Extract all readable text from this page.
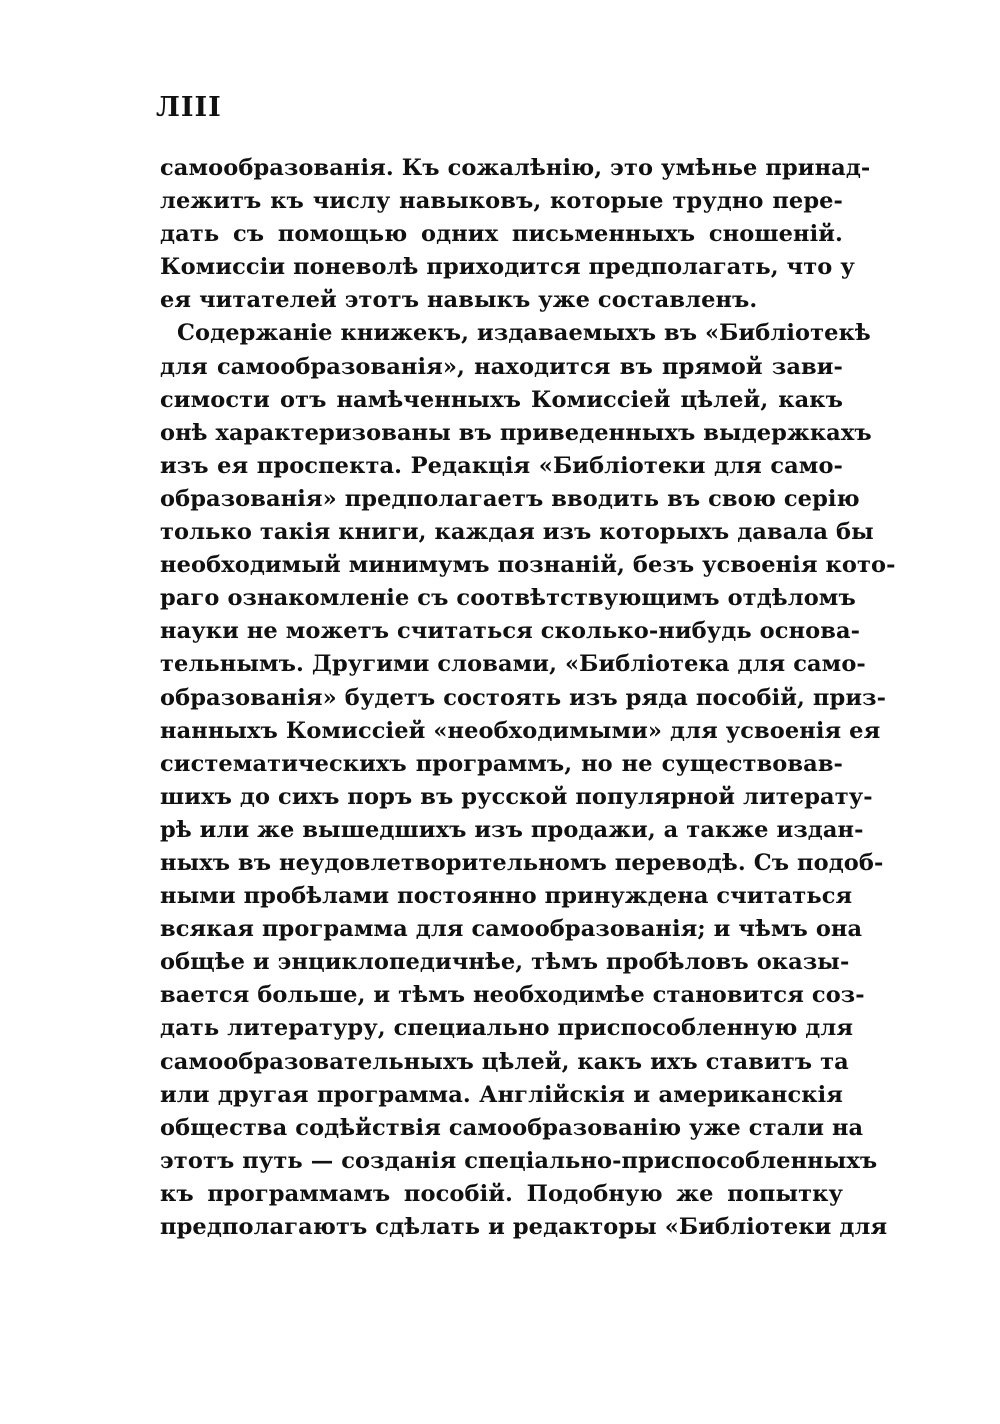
ЛIII
самообразованія. Къ сожалѣнію, это умѣнье принад-
лежитъ къ числу навыковъ, которые трудно пере-
дать съ помощью одних письменныхъ сношеній.
Комиссіи поневолѣ приходится предполагать, что у
ея читателей этотъ навыкъ уже составленъ.
Содержаніе книжекъ, издаваемыхъ въ «Библіотекѣ
для самообразованія», находится въ прямой зави-
симости отъ намѣченныхъ Комиссіей цѣлей, какъ
онѣ характеризованы въ приведенныхъ выдержкахъ
изъ ея проспекта. Редакція «Библіотеки для само-
образованія» предполагаетъ вводить въ свою серію
только такія книги, каждая изъ которыхъ давала бы
необходимый минимумъ познаній, безъ усвоенія кото-
раго ознакомленіе съ соотвѣтствующимъ отдѣломъ
науки не можетъ считаться сколько-нибудь основа-
тельнымъ. Другими словами, «Библіотека для само-
образованія» будетъ состоять изъ ряда пособій, приз-
нанныхъ Комиссіей «необходимыми» для усвоенія ея
систематическихъ программъ, но не существовав-
шихъ до сихъ поръ въ русской популярной литерату-
рѣ или же вышедшихъ изъ продажи, а также издан-
ныхъ въ неудовлетворительномъ переводѣ. Съ подоб-
ными пробѣлами постоянно принуждена считаться
всякая программа для самообразованія; и чѣмъ она
общѣе и энциклопедичнѣе, тѣмъ пробѣловъ оказы-
вается больше, и тѣмъ необходимѣе становится соз-
дать литературу, специально приспособленную для
самообразовательныхъ цѣлей, какъ ихъ ставитъ та
или другая программа. Англійскія и американскія
общества содѣйствія самообразованію уже стали на
этотъ путь — созданія спеціально-приспособленныхъ
къ программамъ пособій. Подобную же попытку
предполагаютъ сдѣлать и редакторы «Библіотеки для
